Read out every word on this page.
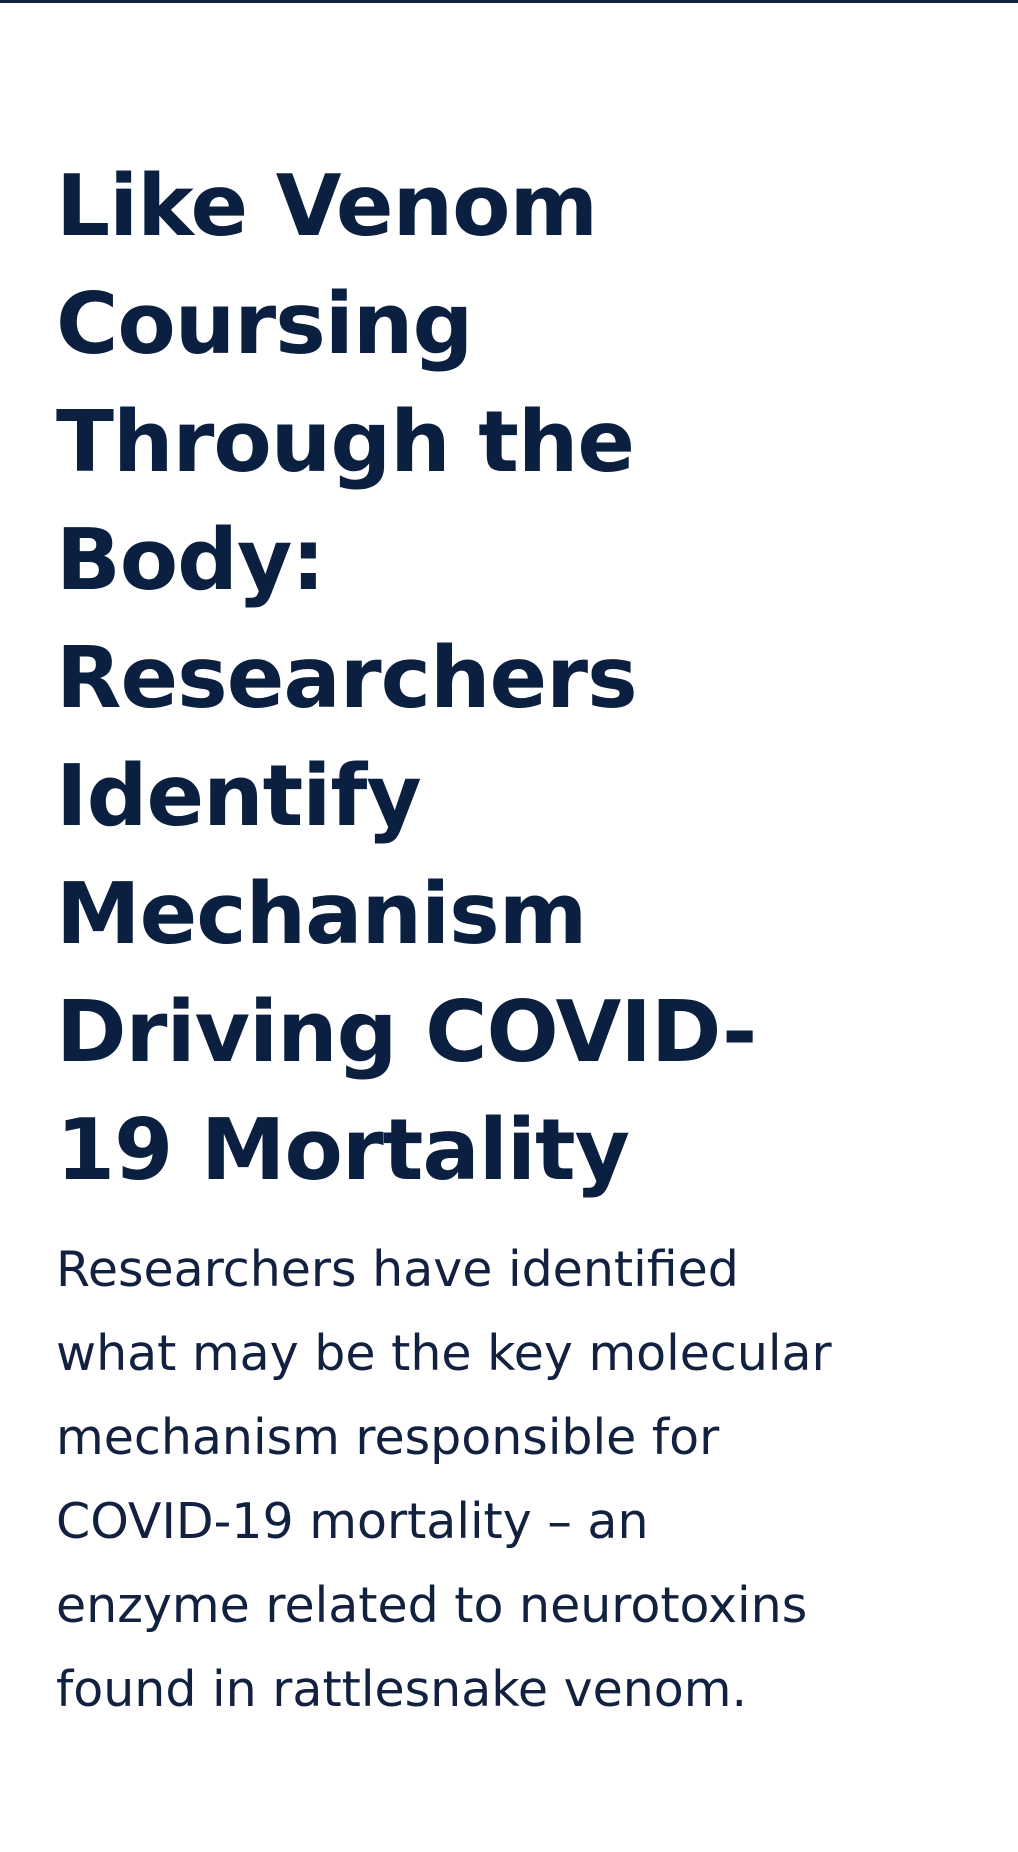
Like Venom Coursing Through the Body: Researchers Identify Mechanism Driving COVID-19 Mortality

Researchers have identified what may be the key molecular mechanism responsible for COVID-19 mortality – an enzyme related to neurotoxins found in rattlesnake venom.
